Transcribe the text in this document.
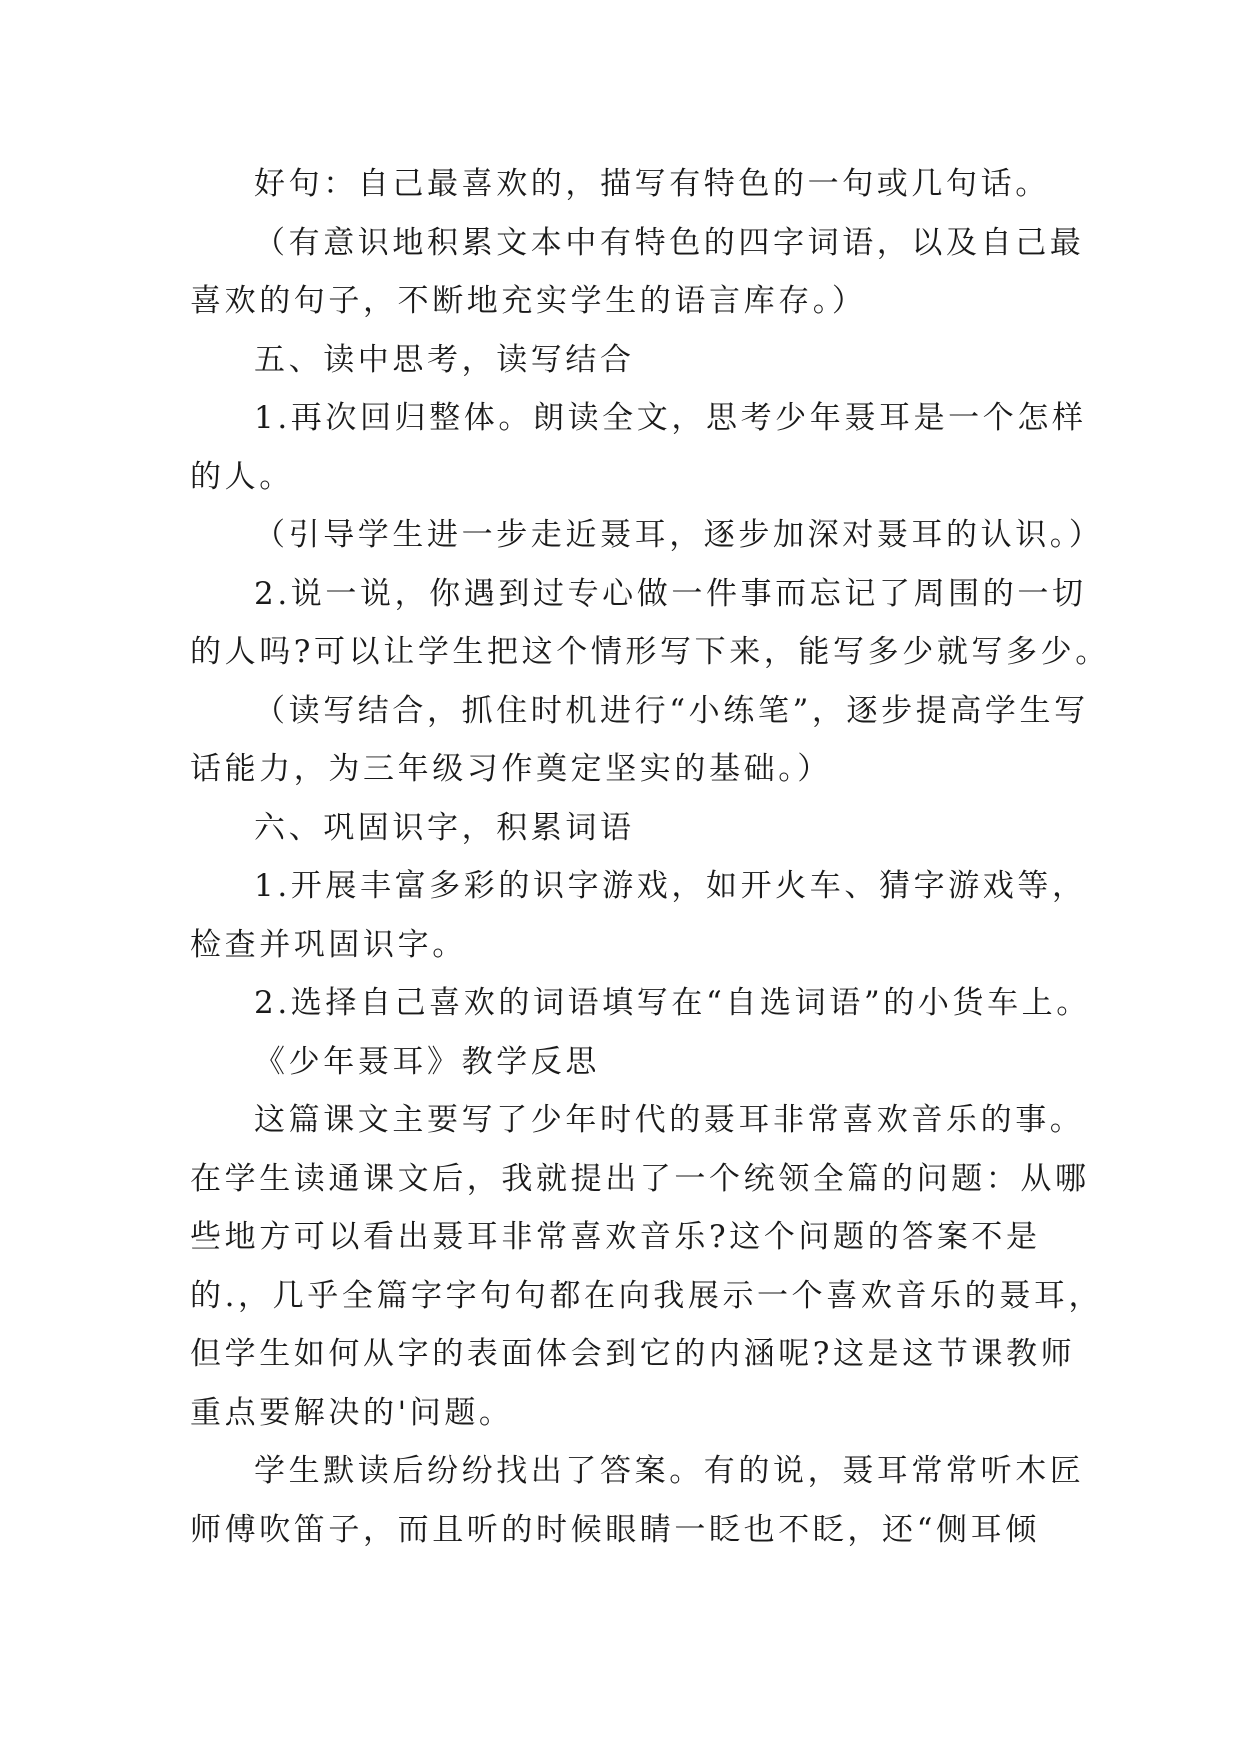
好句：自己最喜欢的，描写有特色的一句或几句话。
（有意识地积累文本中有特色的四字词语，以及自己最
喜欢的句子，不断地充实学生的语言库存。）
五、读中思考，读写结合
1.再次回归整体。朗读全文，思考少年聂耳是一个怎样
的人。
（引导学生进一步走近聂耳，逐步加深对聂耳的认识。）
2.说一说，你遇到过专心做一件事而忘记了周围的一切
的人吗?可以让学生把这个情形写下来，能写多少就写多少。
（读写结合，抓住时机进行“小练笔”，逐步提高学生写
话能力，为三年级习作奠定坚实的基础。）
六、巩固识字，积累词语
1.开展丰富多彩的识字游戏，如开火车、猜字游戏等，
检查并巩固识字。
2.选择自己喜欢的词语填写在“自选词语”的小货车上。
《少年聂耳》教学反思
这篇课文主要写了少年时代的聂耳非常喜欢音乐的事。
在学生读通课文后，我就提出了一个统领全篇的问题：从哪
些地方可以看出聂耳非常喜欢音乐?这个问题的答案不是
的.，几乎全篇字字句句都在向我展示一个喜欢音乐的聂耳，
但学生如何从字的表面体会到它的内涵呢?这是这节课教师
重点要解决的'问题。
学生默读后纷纷找出了答案。有的说，聂耳常常听木匠
师傅吹笛子，而且听的时候眼睛一眨也不眨，还“侧耳倾
